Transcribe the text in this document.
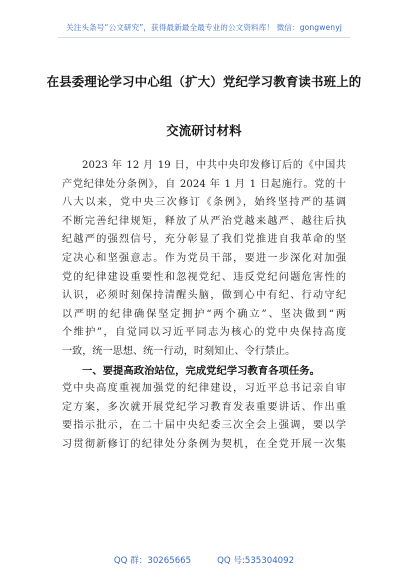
关注头条号“公文研究”，获得最新最全最专业的公文资料库！ 微信：gongwenyj
在县委理论学习中心组（扩大）党纪学习教育读书班上的
交流研讨材料
2023 年 12 月 19 日，中共中央印发修订后的《中国共
产党纪律处分条例》，自 2024 年 1 月 1 日起施行。党的十
八大以来，党中央三次修订《条例》，始终坚持严的基调
不断完善纪律规矩，释放了从严治党越来越严、越往后执
纪越严的强烈信号，充分彰显了我们党推进自我革命的坚
定决心和坚强意志。作为党员干部，要进一步深化对加强
党的纪律建设重要性和忽视党纪、违反党纪问题危害性的
认识，必须时刻保持清醒头脑，做到心中有纪、行动守纪
以严明的纪律确保坚定拥护“两个确立”、坚决做到“两
个维护”，自觉同以习近平同志为核心的党中央保持高度
一致，统一思想、统一行动，时刻知止、令行禁止。
一、要提高政治站位，完成党纪学习教育各项任务。
党中央高度重视加强党的纪律建设，习近平总书记亲自审
定方案，多次就开展党纪学习教育发表重要讲话、作出重
要指示批示，在二十届中央纪委三次全会上强调，要以学
习贯彻新修订的纪律处分条例为契机，在全党开展一次集
QQ 群：30265665	QQ 号:535304092
